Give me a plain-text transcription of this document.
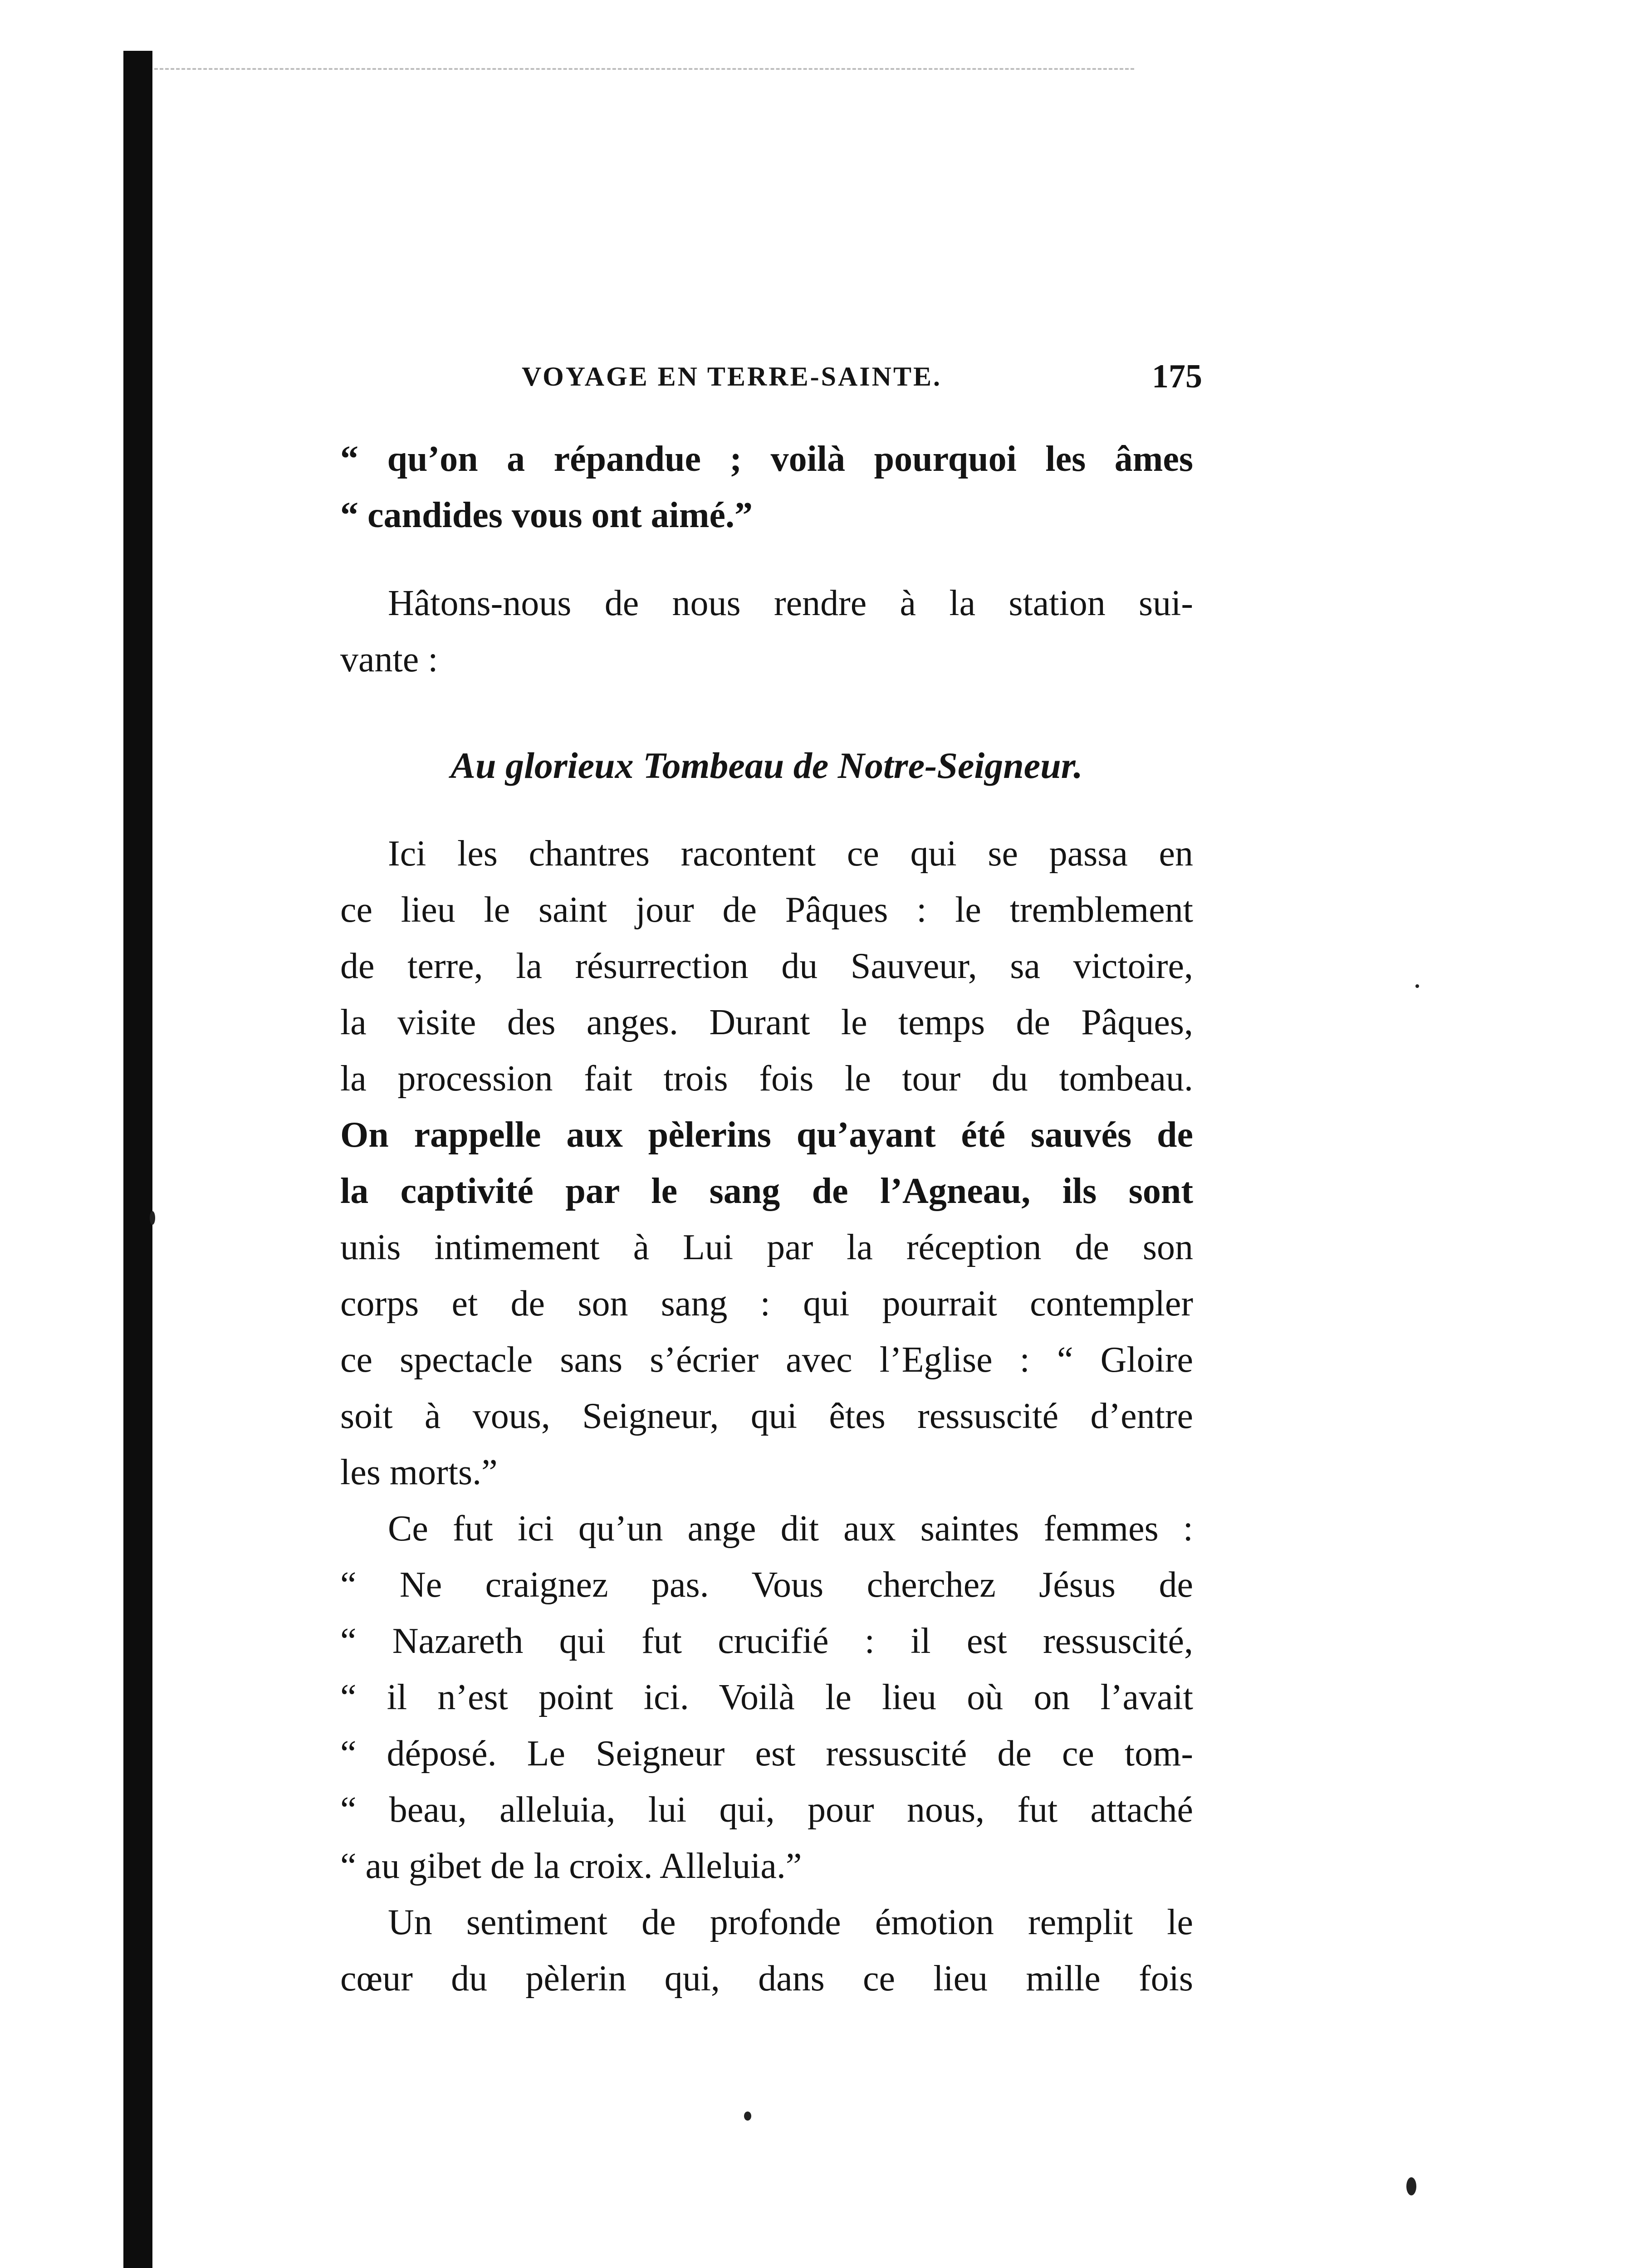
VOYAGE EN TERRE-SAINTE.	175
“ qu’on a répandue ; voilà pourquoi les âmes
“ candides vous ont aimé.”
Hâtons-nous de nous rendre à la station sui-
vante :
Au glorieux Tombeau de Notre-Seigneur.
Ici les chantres racontent ce qui se passa en
ce lieu le saint jour de Pâques : le tremblement
de terre, la résurrection du Sauveur, sa victoire,
la visite des anges. Durant le temps de Pâques,
la procession fait trois fois le tour du tombeau.
On rappelle aux pèlerins qu’ayant été sauvés de
la captivité par le sang de l’Agneau, ils sont
unis intimement à Lui par la réception de son
corps et de son sang : qui pourrait contempler
ce spectacle sans s’écrier avec l’Eglise : “ Gloire
soit à vous, Seigneur, qui êtes ressuscité d’entre
les morts.”
Ce fut ici qu’un ange dit aux saintes femmes :
“ Ne craignez pas. Vous cherchez Jésus de
“ Nazareth qui fut crucifié : il est ressuscité,
“ il n’est point ici. Voilà le lieu où on l’avait
“ déposé. Le Seigneur est ressuscité de ce tom-
“ beau, alleluia, lui qui, pour nous, fut attaché
“ au gibet de la croix. Alleluia.”
Un sentiment de profonde émotion remplit le
cœur du pèlerin qui, dans ce lieu mille fois
